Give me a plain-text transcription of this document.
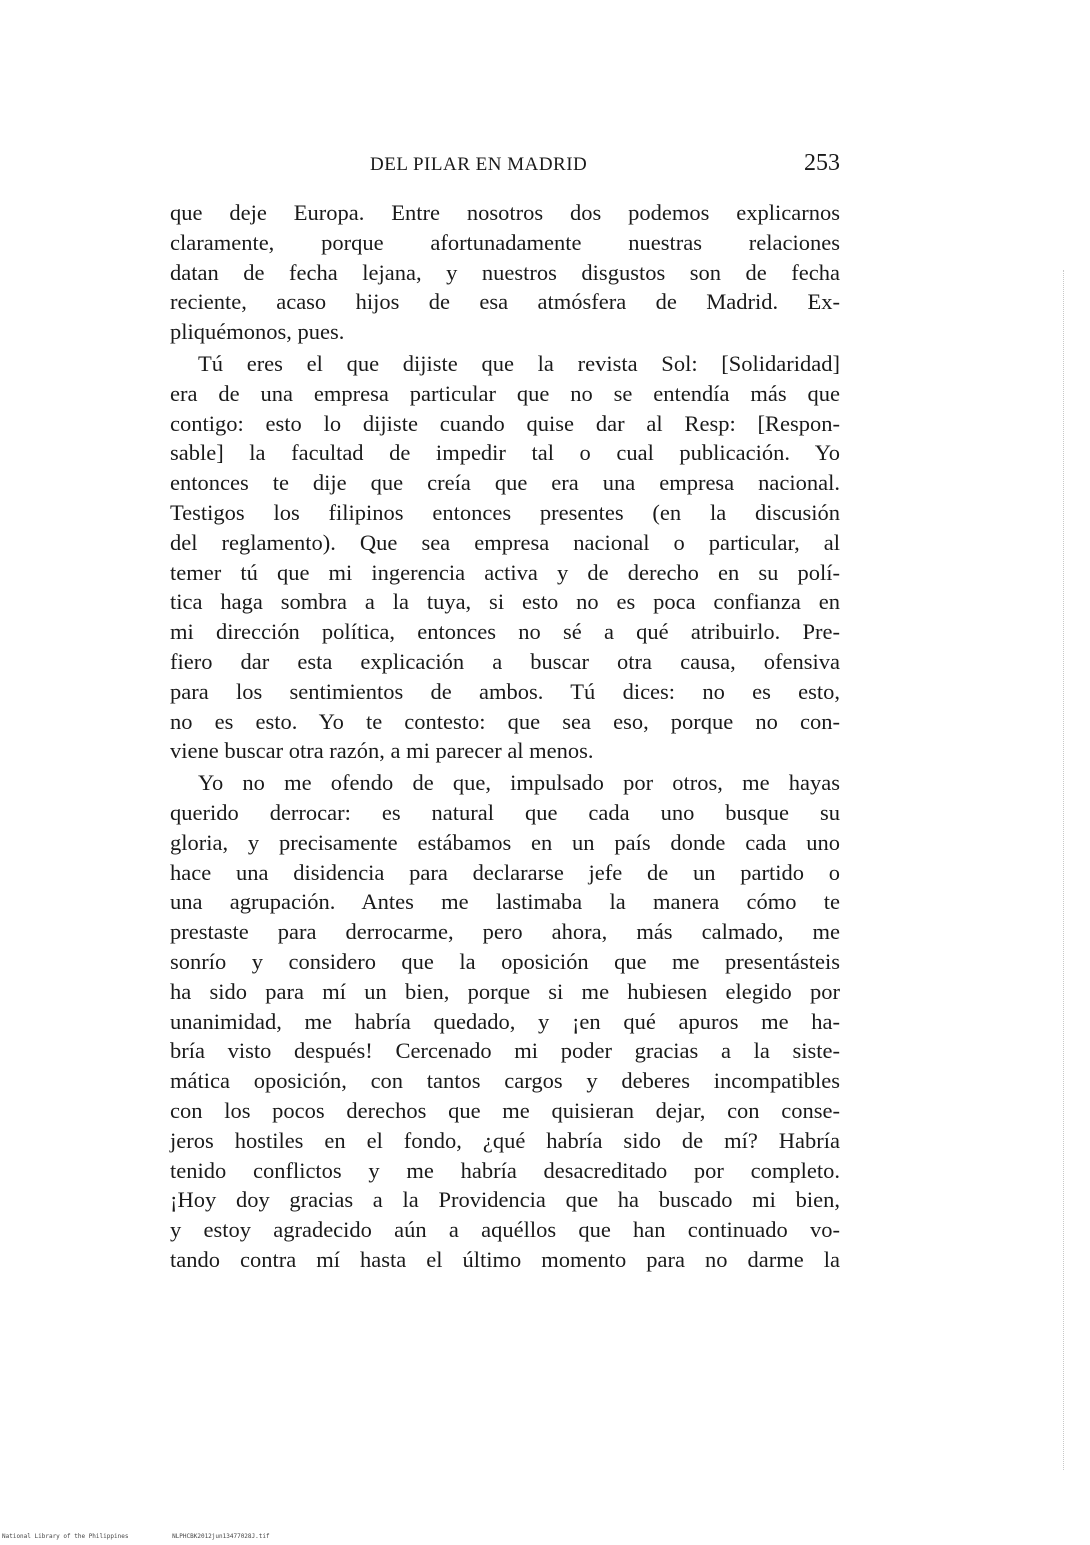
DEL PILAR EN MADRID	253
que deje Europa. Entre nosotros dos podemos explicarnos
claramente, porque afortunadamente nuestras relaciones
datan de fecha lejana, y nuestros disgustos son de fecha
reciente, acaso hijos de esa atmósfera de Madrid. Ex-
pliquémonos, pues.
Tú eres el que dijiste que la revista Sol: [Solidaridad]
era de una empresa particular que no se entendía más que
contigo: esto lo dijiste cuando quise dar al Resp: [Respon-
sable] la facultad de impedir tal o cual publicación. Yo
entonces te dije que creía que era una empresa nacional.
Testigos los filipinos entonces presentes (en la discusión
del reglamento). Que sea empresa nacional o particular, al
temer tú que mi ingerencia activa y de derecho en su polí-
tica haga sombra a la tuya, si esto no es poca confianza en
mi dirección política, entonces no sé a qué atribuirlo. Pre-
fiero dar esta explicación a buscar otra causa, ofensiva
para los sentimientos de ambos. Tú dices: no es esto,
no es esto. Yo te contesto: que sea eso, porque no con-
viene buscar otra razón, a mi parecer al menos.
Yo no me ofendo de que, impulsado por otros, me hayas
querido derrocar: es natural que cada uno busque su
gloria, y precisamente estábamos en un país donde cada uno
hace una disidencia para declararse jefe de un partido o
una agrupación. Antes me lastimaba la manera cómo te
prestaste para derrocarme, pero ahora, más calmado, me
sonrío y considero que la oposición que me presentásteis
ha sido para mí un bien, porque si me hubiesen elegido por
unanimidad, me habría quedado, y ¡en qué apuros me ha-
bría visto después! Cercenado mi poder gracias a la siste-
mática oposición, con tantos cargos y deberes incompatibles
con los pocos derechos que me quisieran dejar, con conse-
jeros hostiles en el fondo, ¿qué habría sido de mí? Habría
tenido conflictos y me habría desacreditado por completo.
¡Hoy doy gracias a la Providencia que ha buscado mi bien,
y estoy agradecido aún a aquéllos que han continuado vo-
tando contra mí hasta el último momento para no darme la
National Library of the Philippines	NLPHCBK2012jun13477028J.tif
